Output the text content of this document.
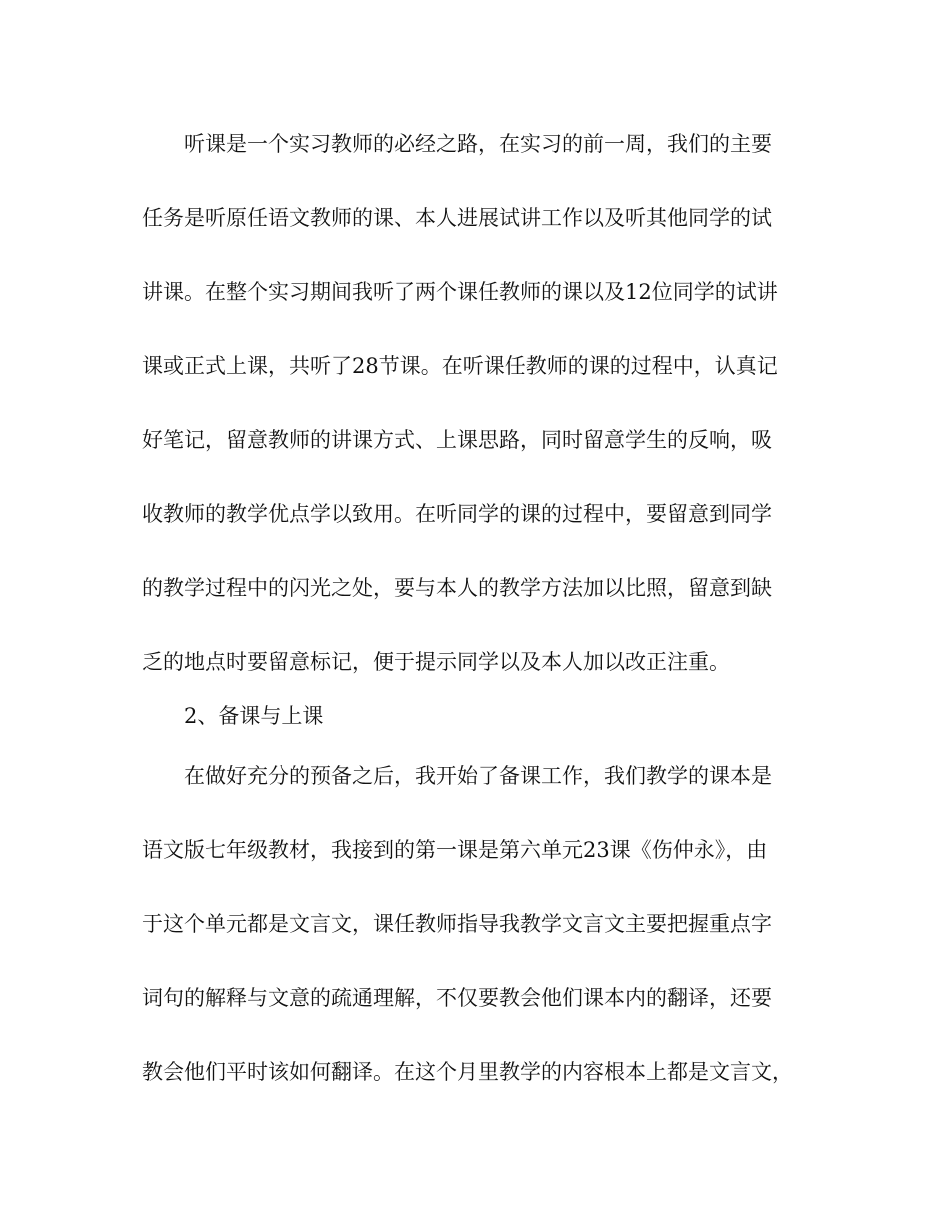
听课是一个实习教师的必经之路，在实习的前一周，我们的主要
任务是听原任语文教师的课、本人进展试讲工作以及听其他同学的试
讲课。在整个实习期间我听了两个课任教师的课以及12位同学的试讲
课或正式上课，共听了28节课。在听课任教师的课的过程中，认真记
好笔记，留意教师的讲课方式、上课思路，同时留意学生的反响，吸
收教师的教学优点学以致用。在听同学的课的过程中，要留意到同学
的教学过程中的闪光之处，要与本人的教学方法加以比照，留意到缺
乏的地点时要留意标记，便于提示同学以及本人加以改正注重。
2、备课与上课
在做好充分的预备之后，我开始了备课工作，我们教学的课本是
语文版七年级教材，我接到的第一课是第六单元23课《伤仲永》，由
于这个单元都是文言文，课任教师指导我教学文言文主要把握重点字
词句的解释与文意的疏通理解，不仅要教会他们课本内的翻译，还要
教会他们平时该如何翻译。在这个月里教学的内容根本上都是文言文，
